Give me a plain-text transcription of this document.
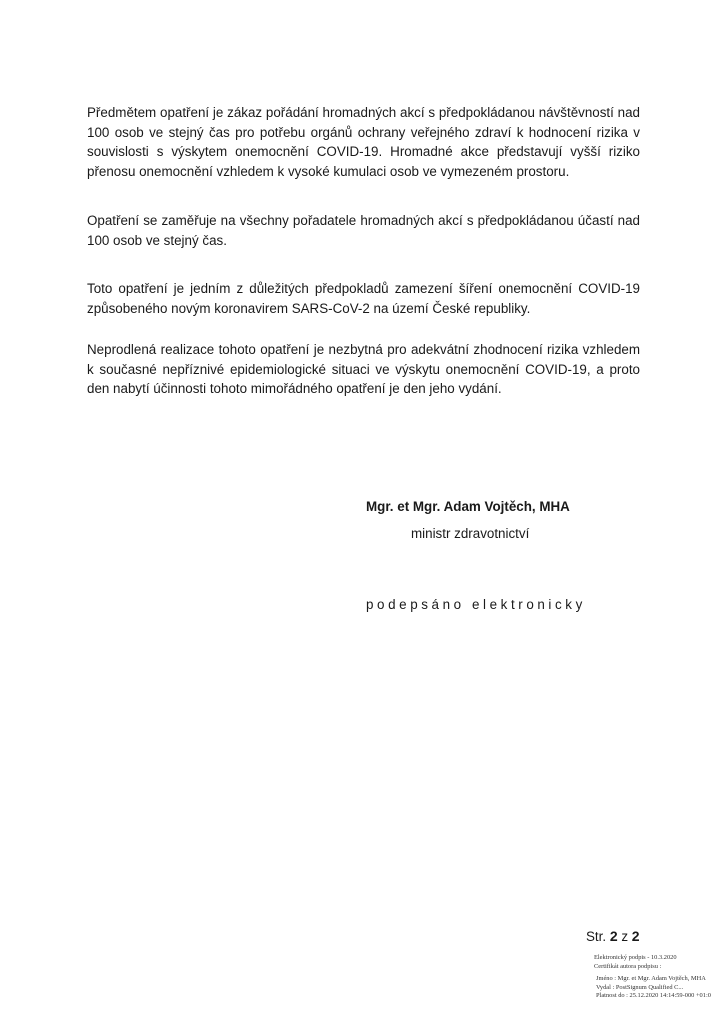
Předmětem opatření je zákaz pořádání hromadných akcí s předpokládanou návštěvností nad 100 osob ve stejný čas pro potřebu orgánů ochrany veřejného zdraví k hodnocení rizika v souvislosti s výskytem onemocnění COVID-19. Hromadné akce představují vyšší riziko přenosu onemocnění vzhledem k vysoké kumulaci osob ve vymezeném prostoru.

Opatření se zaměřuje na všechny pořadatele hromadných akcí s předpokládanou účastí nad 100 osob ve stejný čas.

Toto opatření je jedním z důležitých předpokladů zamezení šíření onemocnění COVID-19 způsobeného novým koronavirem SARS-CoV-2 na území České republiky.

Neprodlená realizace tohoto opatření je nezbytná pro adekvátní zhodnocení rizika vzhledem k současné nepříznivé epidemiologické situaci ve výskytu onemocnění COVID-19, a proto den nabytí účinnosti tohoto mimořádného opatření je den jeho vydání.

Mgr. et Mgr. Adam Vojtěch, MHA

ministr zdravotnictví

podepsáno elektronicky

Str. 2 z 2

Elektronický podpis - 10.3.2020
Certifikát autora podpisu :
Jméno : Mgr. et Mgr. Adam Vojtěch, MHA
Vydal : PostSignum Qualified C...
Platnost do : 25.12.2020 14:14:59-000 +01:0
